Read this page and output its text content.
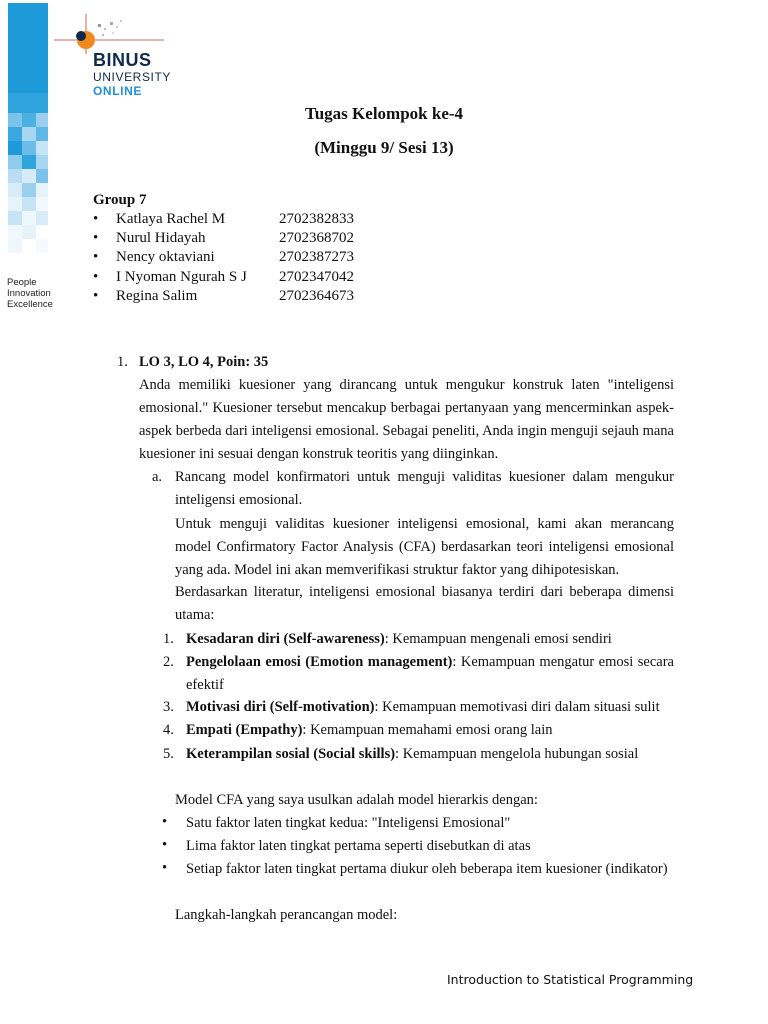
BINUS
UNIVERSITY
ONLINE
People
Innovation
Excellence
Tugas Kelompok ke-4
(Minggu 9/ Sesi 13)
Group 7
• Katlaya Rachel M	2702382833
• Nurul Hidayah	2702368702
• Nency oktaviani	2702387273
• I Nyoman Ngurah S J 2702347042
• Regina Salim	2702364673
1. LO 3, LO 4, Poin: 35
Anda memiliki kuesioner yang dirancang untuk mengukur konstruk laten "inteligensi emosional." Kuesioner tersebut mencakup berbagai pertanyaan yang mencerminkan aspek-aspek berbeda dari inteligensi emosional. Sebagai peneliti, Anda ingin menguji sejauh mana kuesioner ini sesuai dengan konstruk teoritis yang diinginkan.
a. Rancang model konfirmatori untuk menguji validitas kuesioner dalam mengukur inteligensi emosional.
Untuk menguji validitas kuesioner inteligensi emosional, kami akan merancang model Confirmatory Factor Analysis (CFA) berdasarkan teori inteligensi emosional yang ada. Model ini akan memverifikasi struktur faktor yang dihipotesiskan.
Berdasarkan literatur, inteligensi emosional biasanya terdiri dari beberapa dimensi utama:
1. Kesadaran diri (Self-awareness): Kemampuan mengenali emosi sendiri
2. Pengelolaan emosi (Emotion management): Kemampuan mengatur emosi secara efektif
3. Motivasi diri (Self-motivation): Kemampuan memotivasi diri dalam situasi sulit
4. Empati (Empathy): Kemampuan memahami emosi orang lain
5. Keterampilan sosial (Social skills): Kemampuan mengelola hubungan sosial
Model CFA yang saya usulkan adalah model hierarkis dengan:
• Satu faktor laten tingkat kedua: "Inteligensi Emosional"
• Lima faktor laten tingkat pertama seperti disebutkan di atas
• Setiap faktor laten tingkat pertama diukur oleh beberapa item kuesioner (indikator)
Langkah-langkah perancangan model:
Introduction to Statistical Programming
